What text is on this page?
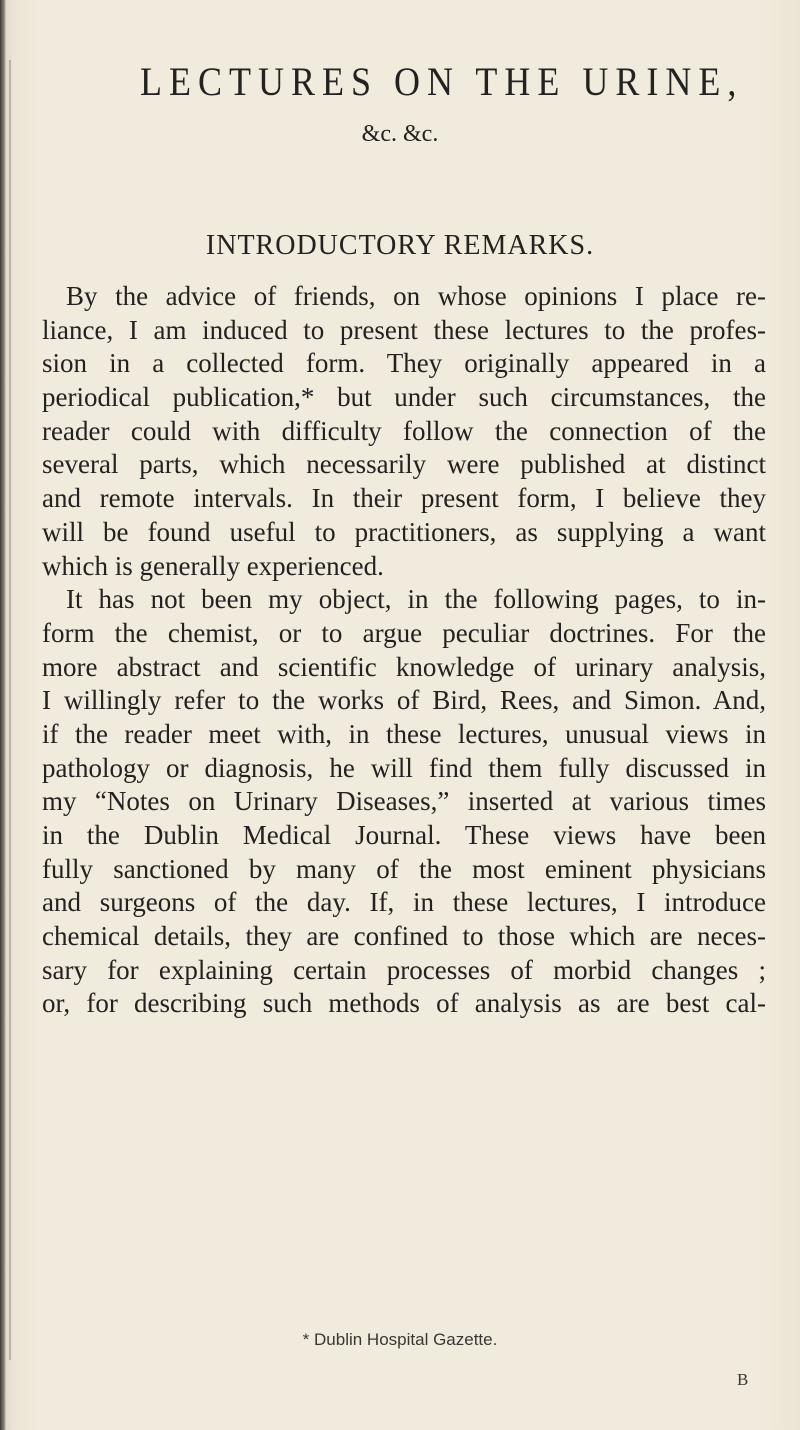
LECTURES ON THE URINE,
&c. &c.
INTRODUCTORY REMARKS.
By the advice of friends, on whose opinions I place re-
liance, I am induced to present these lectures to the profes-
sion in a collected form. They originally appeared in a
periodical publication,* but under such circumstances, the
reader could with difficulty follow the connection of the
several parts, which necessarily were published at distinct
and remote intervals. In their present form, I believe they
will be found useful to practitioners, as supplying a want
which is generally experienced.
It has not been my object, in the following pages, to in-
form the chemist, or to argue peculiar doctrines. For the
more abstract and scientific knowledge of urinary analysis,
I willingly refer to the works of Bird, Rees, and Simon. And,
if the reader meet with, in these lectures, unusual views in
pathology or diagnosis, he will find them fully discussed in
my “Notes on Urinary Diseases,” inserted at various times
in the Dublin Medical Journal. These views have been
fully sanctioned by many of the most eminent physicians
and surgeons of the day. If, in these lectures, I introduce
chemical details, they are confined to those which are neces-
sary for explaining certain processes of morbid changes ;
or, for describing such methods of analysis as are best cal-
* Dublin Hospital Gazette.
B
